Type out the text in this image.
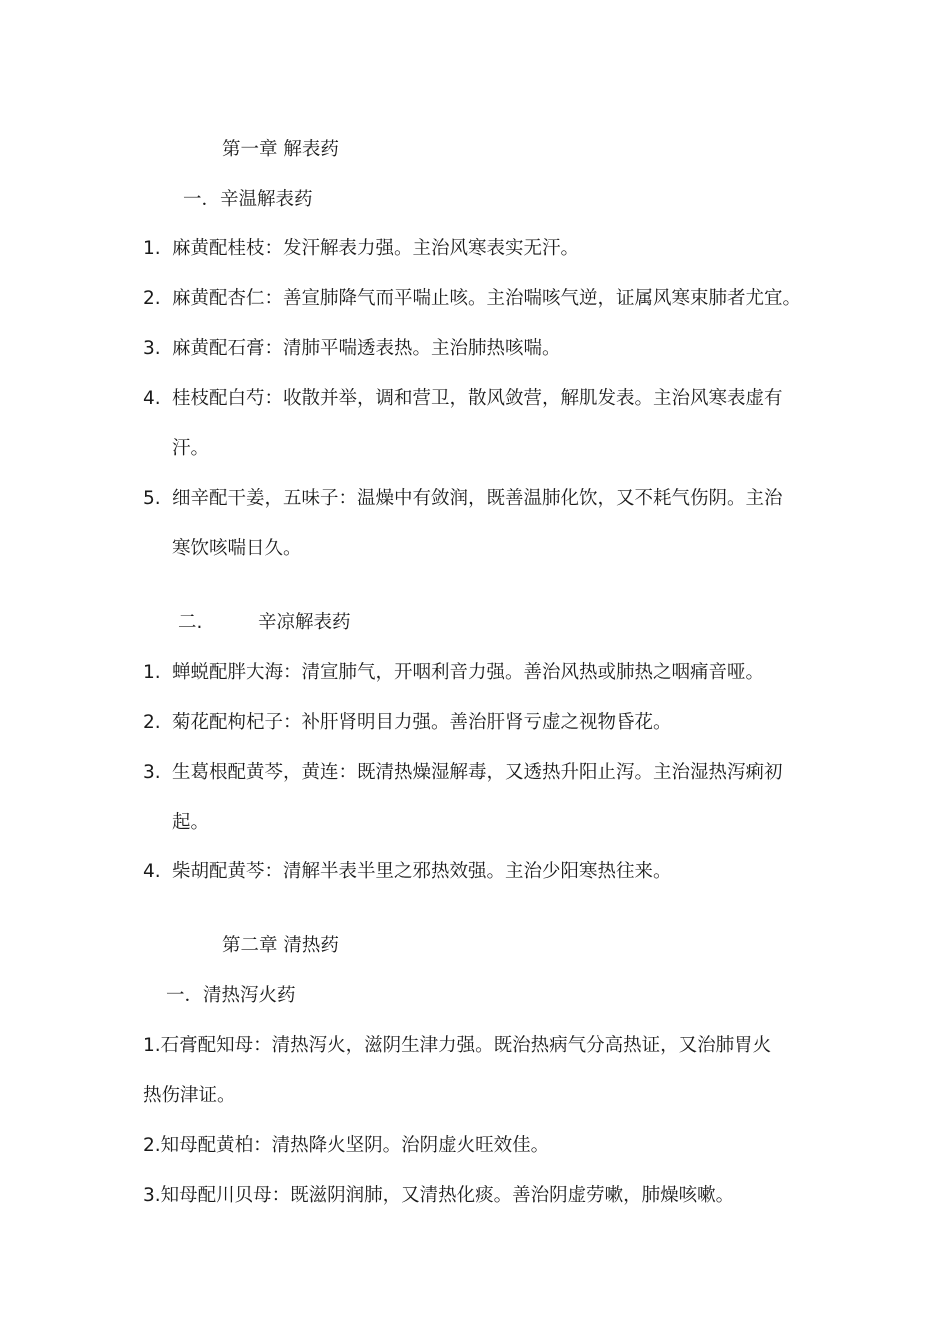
第一章 解表药
一．辛温解表药
1. 麻黄配桂枝：发汗解表力强。主治风寒表实无汗。
2. 麻黄配杏仁：善宣肺降气而平喘止咳。主治喘咳气逆，证属风寒束肺者尤宜。
3. 麻黄配石膏：清肺平喘透表热。主治肺热咳喘。
4. 桂枝配白芍：收散并举，调和营卫，散风敛营，解肌发表。主治风寒表虚有
汗。
5. 细辛配干姜，五味子：温燥中有敛润，既善温肺化饮，又不耗气伤阴。主治
寒饮咳喘日久。
二.	辛凉解表药
1. 蝉蜕配胖大海：清宣肺气，开咽利音力强。善治风热或肺热之咽痛音哑。
2. 菊花配枸杞子：补肝肾明目力强。善治肝肾亏虚之视物昏花。
3. 生葛根配黄芩，黄连：既清热燥湿解毒，又透热升阳止泻。主治湿热泻痢初
起。
4. 柴胡配黄芩：清解半表半里之邪热效强。主治少阳寒热往来。
第二章 清热药
一．清热泻火药
1.石膏配知母：清热泻火，滋阴生津力强。既治热病气分高热证，又治肺胃火
热伤津证。
2.知母配黄柏：清热降火坚阴。治阴虚火旺效佳。
3.知母配川贝母：既滋阴润肺，又清热化痰。善治阴虚劳嗽，肺燥咳嗽。
